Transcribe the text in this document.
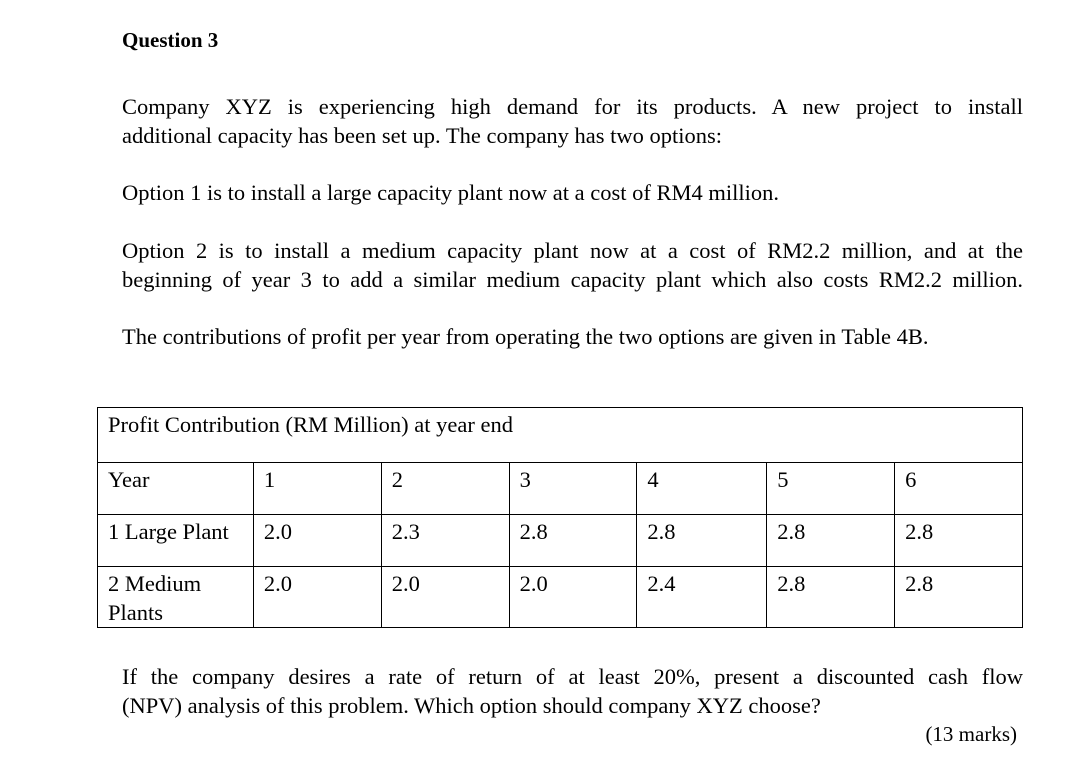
Question 3

Company XYZ is experiencing high demand for its products. A new project to install
additional capacity has been set up. The company has two options:

Option 1 is to install a large capacity plant now at a cost of RM4 million.

Option 2 is to install a medium capacity plant now at a cost of RM2.2 million, and at the
beginning of year 3 to add a similar medium capacity plant which also costs RM2.2 million.

The contributions of profit per year from operating the two options are given in Table 4B.

Profit Contribution (RM Million) at year end						
Year	1	2	3	4	5	6
1 Large Plant	2.0	2.3	2.8	2.8	2.8	2.8
2 Medium
Plants	2.0	2.0	2.0	2.4	2.8	2.8

If the company desires a rate of return of at least 20%, present a discounted cash flow
(NPV) analysis of this problem. Which option should company XYZ choose?

(13 marks)
